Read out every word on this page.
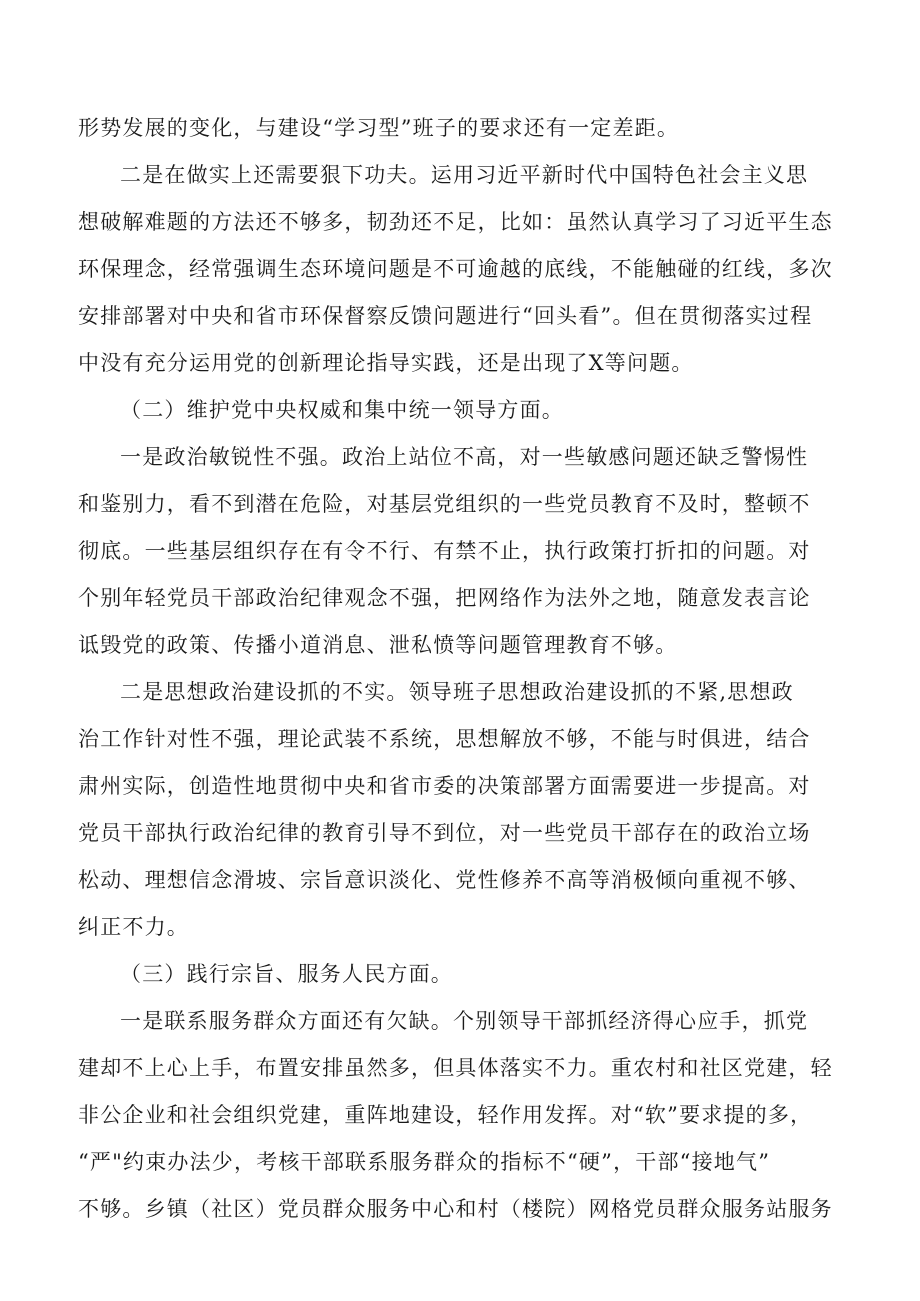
形势发展的变化，与建设“学习型”班子的要求还有一定差距。
二是在做实上还需要狠下功夫。运用习近平新时代中国特色社会主义思
想破解难题的方法还不够多，韧劲还不足，比如：虽然认真学习了习近平生态
环保理念，经常强调生态环境问题是不可逾越的底线，不能触碰的红线，多次
安排部署对中央和省市环保督察反馈问题进行“回头看”。但在贯彻落实过程
中没有充分运用党的创新理论指导实践，还是出现了X等问题。
（二）维护党中央权威和集中统一领导方面。
一是政治敏锐性不强。政治上站位不高，对一些敏感问题还缺乏警惕性
和鉴别力，看不到潜在危险，对基层党组织的一些党员教育不及时，整顿不
彻底。一些基层组织存在有令不行、有禁不止，执行政策打折扣的问题。对
个别年轻党员干部政治纪律观念不强，把网络作为法外之地，随意发表言论
诋毁党的政策、传播小道消息、泄私愤等问题管理教育不够。
二是思想政治建设抓的不实。领导班子思想政治建设抓的不紧,思想政
治工作针对性不强，理论武装不系统，思想解放不够，不能与时俱进，结合
肃州实际，创造性地贯彻中央和省市委的决策部署方面需要进一步提高。对
党员干部执行政治纪律的教育引导不到位，对一些党员干部存在的政治立场
松动、理想信念滑坡、宗旨意识淡化、党性修养不高等消极倾向重视不够、
纠正不力。
（三）践行宗旨、服务人民方面。
一是联系服务群众方面还有欠缺。个别领导干部抓经济得心应手，抓党
建却不上心上手，布置安排虽然多，但具体落实不力。重农村和社区党建，轻
非公企业和社会组织党建，重阵地建设，轻作用发挥。对“软”要求提的多，
“严"约束办法少，考核干部联系服务群众的指标不“硬”，干部“接地气”
不够。乡镇（社区）党员群众服务中心和村（楼院）网格党员群众服务站服务
